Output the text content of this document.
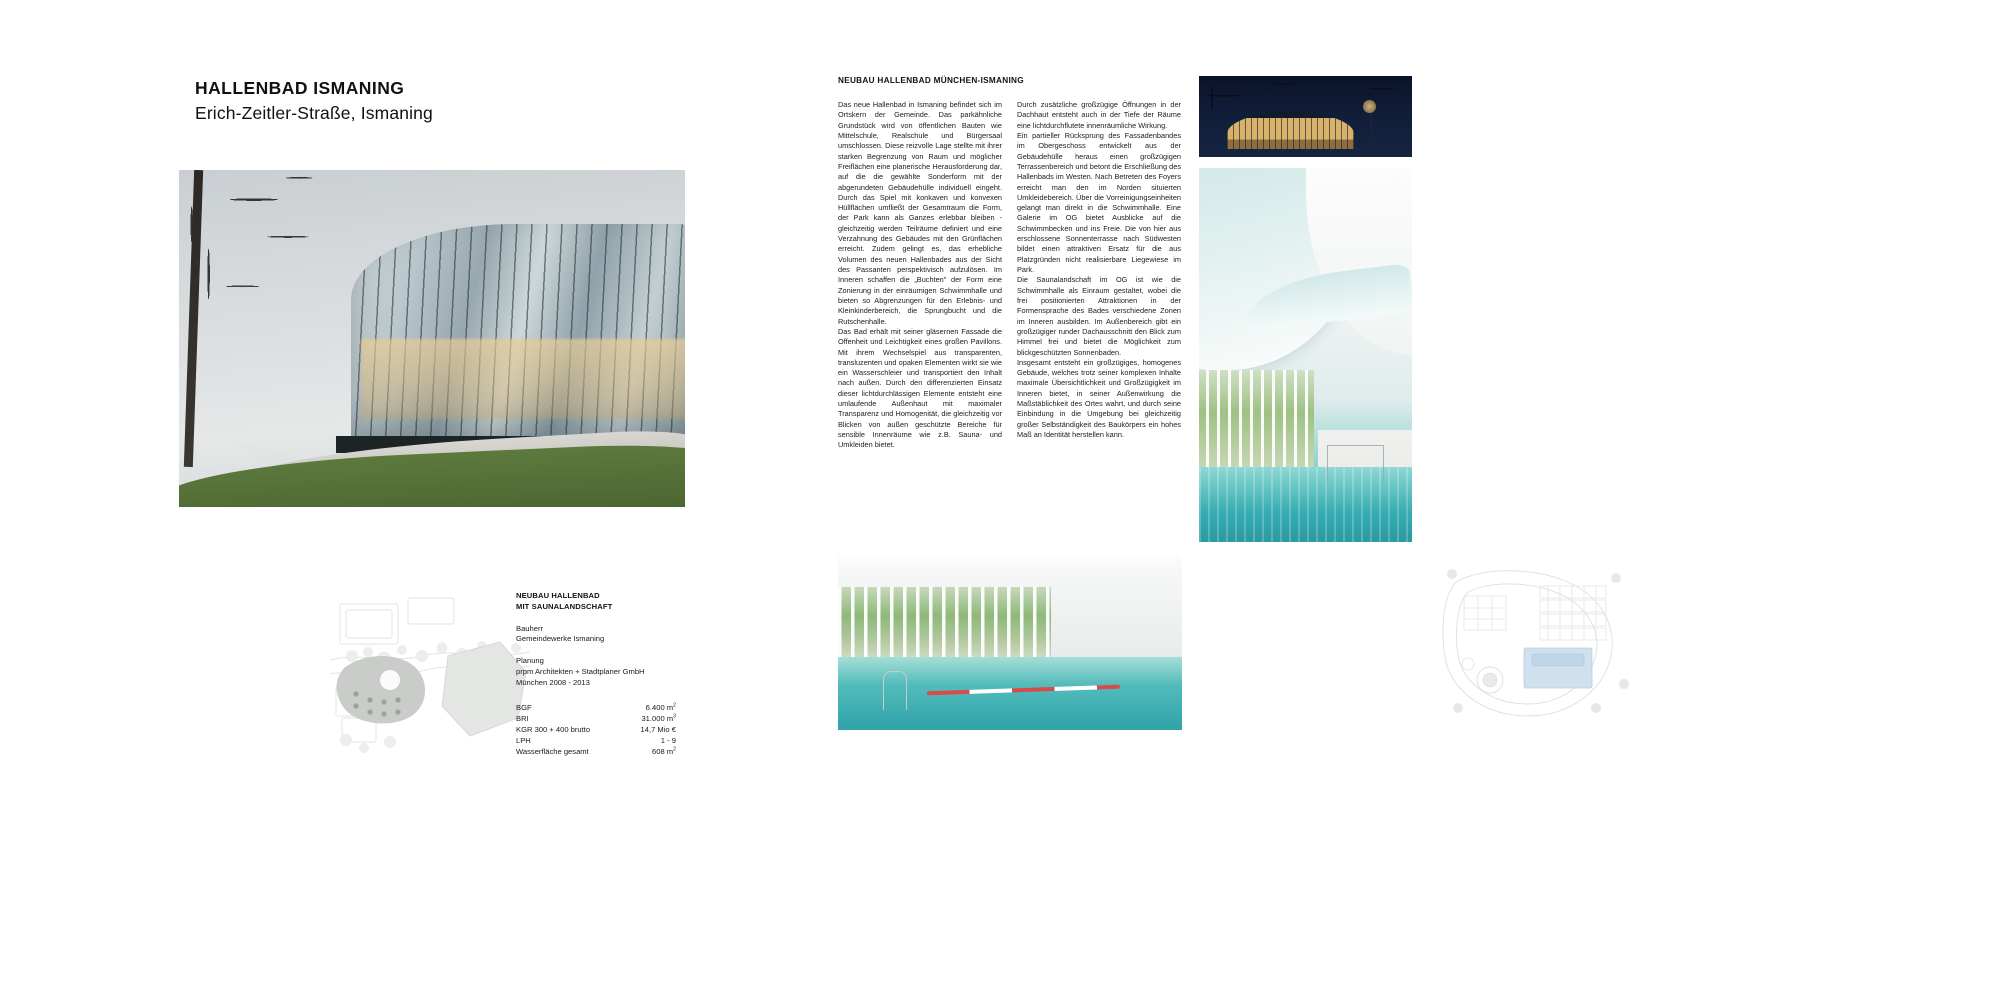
HALLENBAD ISMANING
Erich-Zeitler-Straße, Ismaning
NEUBAU HALLENBAD
MIT SAUNALANDSCHAFT
Bauherr
Gemeindewerke Ismaning
Planung
prpm Architekten + Stadtplaner GmbH
München 2008 - 2013
BGF	6.400 $m^2$
BRI	31.000 $m^3$
KGR 300 + 400 brutto	14,7 Mio €
LPH	1 - 9
Wasserfläche gesamt	608 $m^2$
NEUBAU HALLENBAD MÜNCHEN-ISMANING

Das neue Hallenbad in Ismaning befindet sich im Ortskern der Gemeinde. Das parkähnliche Grundstück wird von öffentlichen Bauten wie Mittelschule, Realschule und Bürgersaal umschlossen. Diese reizvolle Lage stellte mit ihrer starken Begrenzung von Raum und möglicher Freiflächen eine planerische Herausforderung dar, auf die die gewählte Sonderform mit der abgerundeten Gebäudehülle individuell eingeht. Durch das Spiel mit konkaven und konvexen Hüllflächen umfließt der Gesamtraum die Form, der Park kann als Ganzes erlebbar bleiben - gleichzeitig werden Teilräume definiert und eine Verzahnung des Gebäudes mit den Grünflächen erreicht. Zudem gelingt es, das erhebliche Volumen des neuen Hallenbades aus der Sicht des Passanten perspektivisch aufzulösen. Im Inneren schaffen die „Buchten" der Form eine Zonierung in der einräumigen Schwimmhalle und bieten so Abgrenzungen für den Erlebnis- und Kleinkinderbereich, die Sprungbucht und die Rutschenhalle.

Das Bad erhält mit seiner gläsernen Fassade die Offenheit und Leichtigkeit eines großen Pavillons. Mit ihrem Wechselspiel aus transparenten, transluzenten und opaken Elementen wirkt sie wie ein Wasserschleier und transportiert den Inhalt nach außen. Durch den differenzierten Einsatz dieser lichtdurchlässigen Elemente entsteht eine umlaufende Außenhaut mit maximaler Transparenz und Homogenität, die gleichzeitig vor Blicken von außen geschützte Bereiche für sensible Innenräume wie z.B. Sauna- und Umkleiden bietet.

Durch zusätzliche großzügige Öffnungen in der Dachhaut entsteht auch in der Tiefe der Räume eine lichtdurchflutete innenräumliche Wirkung.

Ein partieller Rücksprung des Fassadenbandes im Obergeschoss entwickelt aus der Gebäudehülle heraus einen großzügigen Terrassenbereich und betont die Erschließung des Hallenbads im Westen. Nach Betreten des Foyers erreicht man den im Norden situierten Umkleidebereich. Über die Vorreinigungseinheiten gelangt man direkt in die Schwimmhalle. Eine Galerie im OG bietet Ausblicke auf die Schwimmbecken und ins Freie. Die von hier aus erschlossene Sonnenterrasse nach Südwesten bildet einen attraktiven Ersatz für die aus Platzgründen nicht realisierbare Liegewiese im Park.

Die Saunalandschaft im OG ist wie die Schwimmhalle als Einraum gestaltet, wobei die frei positionierten Attraktionen in der Formensprache des Bades verschiedene Zonen im Inneren ausbilden. Im Außenbereich gibt ein großzügiger runder Dachausschnitt den Blick zum Himmel frei und bietet die Möglichkeit zum blickgeschützten Sonnenbaden.

Insgesamt entsteht ein großzügiges, homogenes Gebäude, welches trotz seiner komplexen Inhalte maximale Übersichtlichkeit und Großzügigkeit im Inneren bietet, in seiner Außenwirkung die Maßstäblichkeit des Ortes wahrt, und durch seine Einbindung in die Umgebung bei gleichzeitig großer Selbständigkeit des Baukörpers ein hohes Maß an Identität herstellen kann.
